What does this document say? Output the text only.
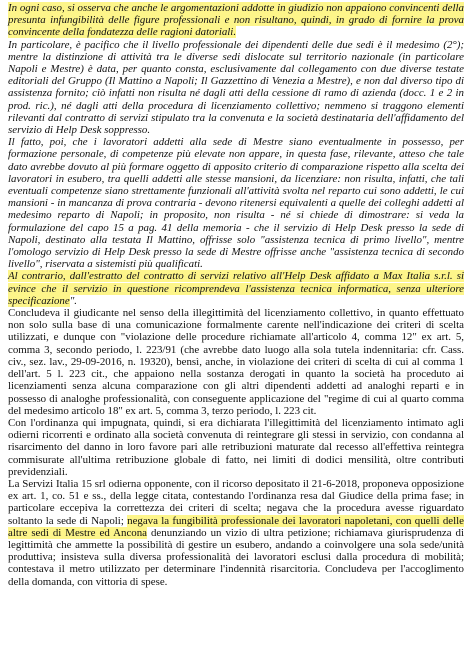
In ogni caso, si osserva che anche le argomentazioni addotte in giudizio non appaiono convincenti della presunta infungibilità delle figure professionali e non risultano, quindi, in grado di fornire la prova convincente della fondatezza delle ragioni datoriali.

In particolare, è pacifico che il livello professionale dei dipendenti delle due sedi è il medesimo (2°); mentre la distinzione di attività tra le diverse sedi dislocate sul territorio nazionale (in particolare Napoli e Mestre) è data, per quanto consta, esclusivamente dal collegamento con due diverse testate editoriali del Gruppo (Il Mattino a Napoli; Il Gazzettino di Venezia a Mestre), e non dal diverso tipo di assistenza fornito; ciò infatti non risulta né dagli atti della cessione di ramo di azienda (docc. 1 e 2 in prod. ric.), né dagli atti della procedura di licenziamento collettivo; nemmeno si traggono elementi rilevanti dal contratto di servizi stipulato tra la convenuta e la società destinataria dell'affidamento del servizio di Help Desk soppresso.

Il fatto, poi, che i lavoratori addetti alla sede di Mestre siano eventualmente in possesso, per formazione personale, di competenze più elevate non appare, in questa fase, rilevante, atteso che tale dato avrebbe dovuto al più formare oggetto di apposito criterio di comparazione rispetto alla scelta dei lavoratori in esubero, tra quelli addetti alle stesse mansioni, da licenziare: non risulta, infatti, che tali eventuali competenze siano strettamente funzionali all'attività svolta nel reparto cui sono addetti, le cui mansioni - in mancanza di prova contraria - devono ritenersi equivalenti a quelle dei colleghi addetti al medesimo reparto di Napoli; in proposito, non risulta - né si chiede di dimostrare: si veda la formulazione del capo 15 a pag. 41 della memoria - che il servizio di Help Desk presso la sede di Napoli, destinato alla testata Il Mattino, offrisse solo "assistenza tecnica di primo livello", mentre l'omologo servizio di Help Desk presso la sede di Mestre offrisse anche "assistenza tecnica di secondo livello", riservata a sistemisti più qualificati.

Al contrario, dall'estratto del contratto di servizi relativo all'Help Desk affidato a Max Italia s.r.l. si evince che il servizio in questione ricomprendeva l'assistenza tecnica informatica, senza ulteriore specificazione".

Concludeva il giudicante nel senso della illegittimità del licenziamento collettivo, in quanto effettuato non solo sulla base di una comunicazione formalmente carente nell'indicazione dei criteri di scelta utilizzati, e dunque con "violazione delle procedure richiamate all'articolo 4, comma 12" ex art. 5, comma 3, secondo periodo, l. 223/91 (che avrebbe dato luogo alla sola tutela indennitaria: cfr. Cass. civ., sez. lav., 29-09-2016, n. 19320), bensì, anche, in violazione dei criteri di scelta di cui al comma 1 dell'art. 5 l. 223 cit., che appaiono nella sostanza derogati in quanto la società ha proceduto ai licenziamenti senza alcuna comparazione con gli altri dipendenti addetti ad analoghi reparti e in possesso di analoghe professionalità, con conseguente applicazione del "regime di cui al quarto comma del medesimo articolo 18" ex art. 5, comma 3, terzo periodo, l. 223 cit.

Con l'ordinanza qui impugnata, quindi, si era dichiarata l'illegittimità del licenziamento intimato agli odierni ricorrenti e ordinato alla società convenuta di reintegrare gli stessi in servizio, con condanna al risarcimento del danno in loro favore pari alle retribuzioni maturate dal recesso all'effettiva reintegra commisurate all'ultima retribuzione globale di fatto, nei limiti di dodici mensilità, oltre contributi previdenziali.

La Servizi Italia 15 srl odierna opponente, con il ricorso depositato il 21-6-2018, proponeva opposizione ex art. 1, co. 51 e ss., della legge citata, contestando l'ordinanza resa dal Giudice della prima fase; in particolare eccepiva la correttezza dei criteri di scelta; negava che la procedura avesse riguardato soltanto la sede di Napoli; negava la fungibilità professionale dei lavoratori napoletani, con quelli delle altre sedi di Mestre ed Ancona denunziando un vizio di ultra petizione; richiamava giurisprudenza di legittimità che ammette la possibilità di gestire un esubero, andando a coinvolgere una sola sede/unità produttiva; insisteva sulla diversa professionalità dei lavoratori esclusi dalla procedura di mobilità; contestava il metro utilizzato per determinare l'indennità risarcitoria. Concludeva per l'accoglimento della domanda, con vittoria di spese.
